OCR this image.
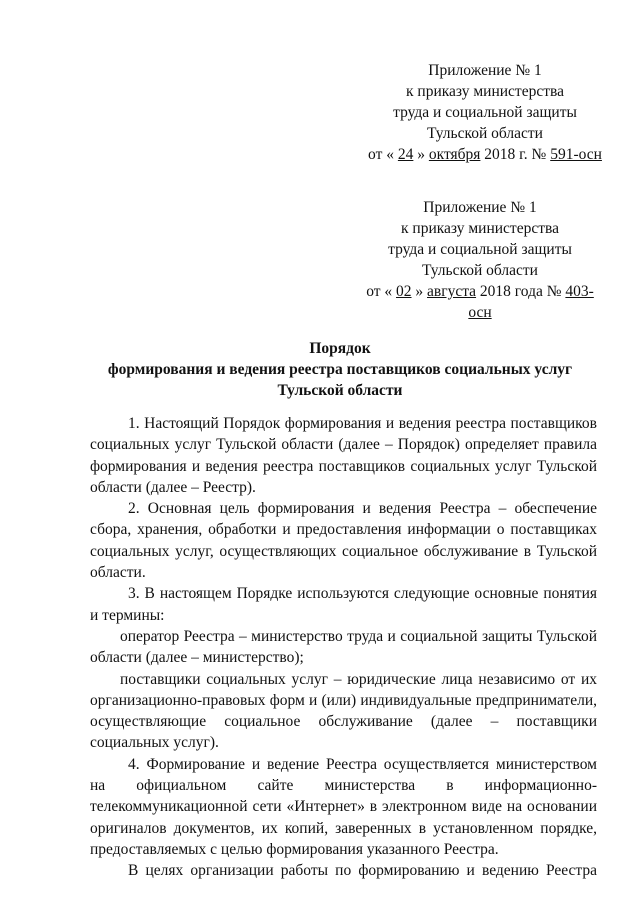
Приложение № 1
к приказу министерства
труда и социальной защиты
Тульской области
от « 24 » октября 2018 г. № 591-осн
Приложение № 1
к приказу министерства
труда и социальной защиты
Тульской области
от « 02 » августа 2018 года № 403-осн
Порядок
формирования и ведения реестра поставщиков социальных услуг
Тульской области

1. Настоящий Порядок формирования и ведения реестра поставщиков социальных услуг Тульской области (далее – Порядок) определяет правила формирования и ведения реестра поставщиков социальных услуг Тульской области (далее – Реестр).

2. Основная цель формирования и ведения Реестра – обеспечение сбора, хранения, обработки и предоставления информации о поставщиках социальных услуг, осуществляющих социальное обслуживание в Тульской области.

3. В настоящем Порядке используются следующие основные понятия и термины:

оператор Реестра – министерство труда и социальной защиты Тульской области (далее – министерство);

поставщики социальных услуг – юридические лица независимо от их организационно-правовых форм и (или) индивидуальные предприниматели, осуществляющие социальное обслуживание (далее – поставщики социальных услуг).

4. Формирование и ведение Реестра осуществляется министерством на официальном сайте министерства в информационно-телекоммуникационной сети «Интернет» в электронном виде на основании оригиналов документов, их копий, заверенных в установленном порядке, предоставляемых с целью формирования указанного Реестра.

В целях организации работы по формированию и ведению Реестра
